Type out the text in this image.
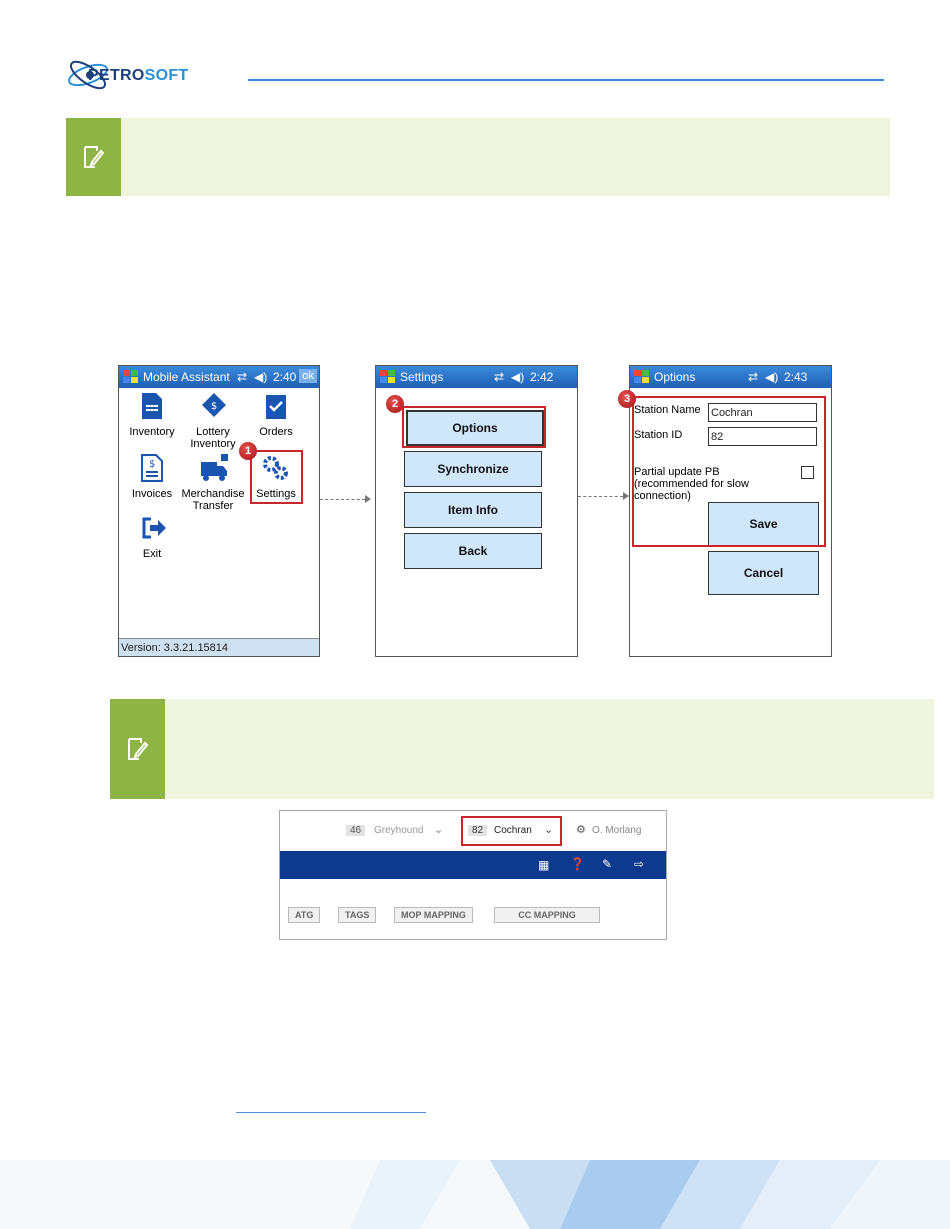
PETROSOFT
Mobile Assistant ⇄ ◀) 2:40 ok
Inventory
$
Lottery Inventory
Orders
$
Invoices Merchandise Transfer
Settings
Exit
Version: 3.3.21.15814
1
Settings	⇄ ◀) 2:42
Options
Synchronize
Item Info
Back
2
Options	⇄ ◀) 2:43
Station Name Cochran
Station ID	82
Partial update PB (recommended for slow connection)
Save
Cancel
3
46	Greyhound ⌄	82	Cochran ⌄ ⚙ O. Morlang
▦ ❓ ✎ ⇨
ATG	TAGS	MOP MAPPING	CC MAPPING
